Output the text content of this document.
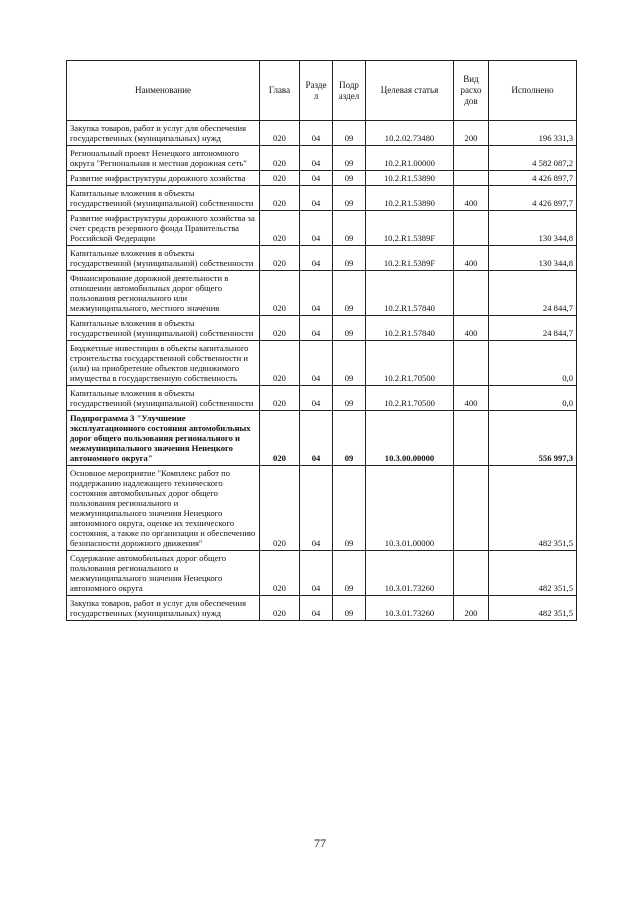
Наименование	Глава	Разде л	Подр аздел	Целевая статья	Вид расхо дов	Исполнено
Закупка товаров, работ и услуг для обеспечения государственных (муниципальных) нужд	020	04	09	10.2.02.73480	200	196 331,3
Региональный проект Ненецкого автономного округа "Региональная и местная дорожная сеть"	020	04	09	10.2.R1.00000		4 582 087,2
Развитие инфраструктуры дорожного хозяйства	020	04	09	10.2.R1.53890		4 426 897,7
Капитальные вложения в объекты государственной (муниципальной) собственности	020	04	09	10.2.R1.53890	400	4 426 897,7
Развитие инфраструктуры дорожного хозяйства за счет средств резервного фонда Правительства Российской Федерации	020	04	09	10.2.R1.5389F		130 344,8
Капитальные вложения в объекты государственной (муниципальной) собственности	020	04	09	10.2.R1.5389F	400	130 344,8
Финансирование дорожной деятельности в отношении автомобильных дорог общего пользования регионального или межмуниципального, местного значения	020	04	09	10.2.R1.57840		24 844,7
Капитальные вложения в объекты государственной (муниципальной) собственности	020	04	09	10.2.R1.57840	400	24 844,7
Бюджетные инвестиции в объекты капитального строительства государственной собственности и (или) на приобретение объектов недвижимого имущества в государственную собственность	020	04	09	10.2.R1.70500		0,0
Капитальные вложения в объекты государственной (муниципальной) собственности	020	04	09	10.2.R1.70500	400	0,0
Подпрограмма 3 "Улучшение эксплуатационного состояния автомобильных дорог общего пользования регионального и межмуниципального значения Ненецкого автономного округа"	020	04	09	10.3.00.00000		556 997,3
Основное мероприятие "Комплекс работ по поддержанию надлежащего технического состояния автомобильных дорог общего пользования регионального и межмуниципального значения Ненецкого автономного округа, оценке их технического состояния, а также по организации и обеспечению безопасности дорожного движения"	020	04	09	10.3.01.00000		482 351,5
Содержание автомобильных дорог общего пользования регионального и межмуниципального значения Ненецкого автономного округа	020	04	09	10.3.01.73260		482 351,5
Закупка товаров, работ и услуг для обеспечения государственных (муниципальных) нужд	020	04	09	10.3.01.73260	200	482 351,5
77
